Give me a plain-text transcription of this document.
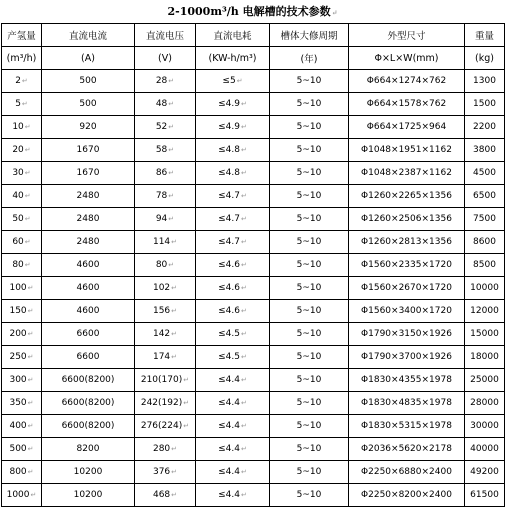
2-1000m³/h 电解槽的技术参数↵
产氢量	直流电流	直流电压	直流电耗	槽体大修周期	外型尺寸	重量
(m³/h)	(A)	(V)	(KW-h/m³)	(年)	Φ×L×W(mm)	(kg)
2↵	500	28↵	≤5↵	5~10	Φ664×1274×762	1300
5↵	500	48↵	≤4.9↵	5~10	Φ664×1578×762	1500
10↵	920	52↵	≤4.9↵	5~10	Φ664×1725×964	2200
20↵	1670	58↵	≤4.8↵	5~10	Φ1048×1951×1162	3800
30↵	1670	86↵	≤4.8↵	5~10	Φ1048×2387×1162	4500
40↵	2480	78↵	≤4.7↵	5~10	Φ1260×2265×1356	6500
50↵	2480	94↵	≤4.7↵	5~10	Φ1260×2506×1356	7500
60↵	2480	114↵	≤4.7↵	5~10	Φ1260×2813×1356	8600
80↵	4600	80↵	≤4.6↵	5~10	Φ1560×2335×1720	8500
100↵	4600	102↵	≤4.6↵	5~10	Φ1560×2670×1720	10000
150↵	4600	156↵	≤4.6↵	5~10	Φ1560×3400×1720	12000
200↵	6600	142↵	≤4.5↵	5~10	Φ1790×3150×1926	15000
250↵	6600	174↵	≤4.5↵	5~10	Φ1790×3700×1926	18000
300↵	6600(8200)	210(170)↵	≤4.4↵	5~10	Φ1830×4355×1978	25000
350↵	6600(8200)	242(192)↵	≤4.4↵	5~10	Φ1830×4835×1978	28000
400↵	6600(8200)	276(224)↵	≤4.4↵	5~10	Φ1830×5315×1978	30000
500↵	8200	280↵	≤4.4↵	5~10	Φ2036×5620×2178	40000
800↵	10200	376↵	≤4.4↵	5~10	Φ2250×6880×2400	49200
1000↵	10200	468↵	≤4.4↵	5~10	Φ2250×8200×2400	61500
